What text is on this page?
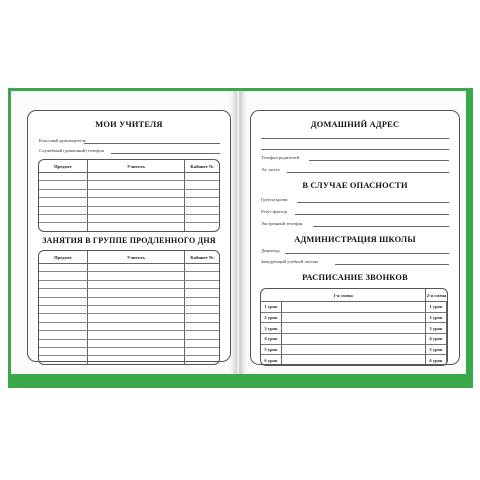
МОИ УЧИТЕЛЯ
Классный руководитель
Служебный (домашний) телефон
Предмет	Учитель	Кабинет №

ЗАНЯТИЯ В ГРУППЕ ПРОДЛЕННОГО ДНЯ
Предмет	Учитель	Кабинет №

ДОМАШНИЙ АДРЕС
Телефон родителей
Эл. почта
В СЛУЧАЕ ОПАСНОСТИ
Группа крови
Резус-фактор
Экстренный телефон
АДМИНИСТРАЦИЯ ШКОЛЫ
Директор
Заведующий учебной частью
РАСПИСАНИЕ ЗВОНКОВ
1-я смена		2-я смена	
1 урок		1 урок	
2 урок		2 урок	
3 урок		3 урок	
4 урок		4 урок	
5 урок		5 урок	
6 урок		6 урок	
